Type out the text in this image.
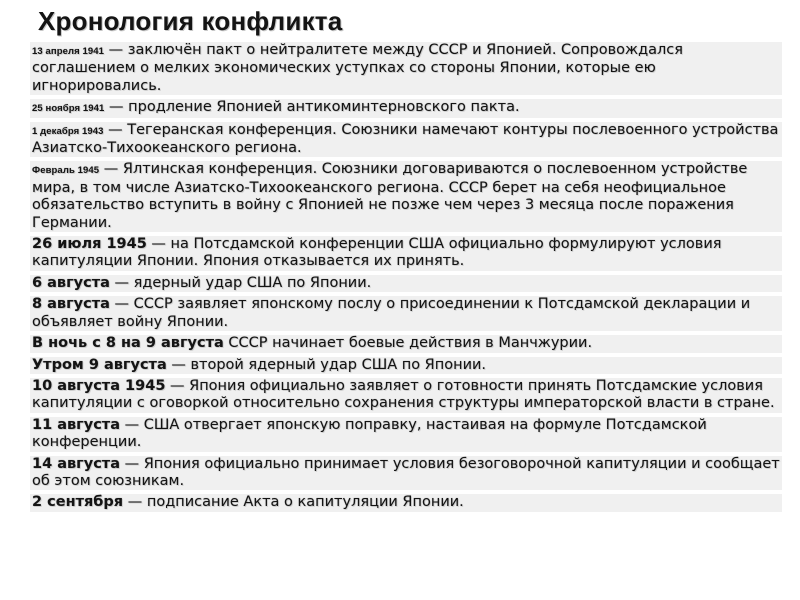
Хронология конфликта
13 апреля 1941 — заключён пакт о нейтралитете между СССР и Японией. Сопровождался соглашением о мелких экономических уступках со стороны Японии, которые ею игнорировались.
25 ноября 1941 — продление Японией антикоминтерновского пакта.
1 декабря 1943 — Тегеранская конференция. Союзники намечают контуры послевоенного устройства Азиатско-Тихоокеанского региона.
Февраль 1945 — Ялтинская конференция. Союзники договариваются о послевоенном устройстве мира, в том числе Азиатско-Тихоокеанского региона. СССР берет на себя неофициальное обязательство вступить в войну с Японией не позже чем через 3 месяца после поражения Германии.
26 июля 1945 — на Потсдамской конференции США официально формулируют условия капитуляции Японии. Япония отказывается их принять.
6 августа — ядерный удар США по Японии.
8 августа — СССР заявляет японскому послу о присоединении к Потсдамской декларации и объявляет войну Японии.
В ночь с 8 на 9 августа СССР начинает боевые действия в Манчжурии.
Утром 9 августа — второй ядерный удар США по Японии.
10 августа 1945 — Япония официально заявляет о готовности принять Потсдамские условия капитуляции с оговоркой относительно сохранения структуры императорской власти в стране.
11 августа — США отвергает японскую поправку, настаивая на формуле Потсдамской конференции.
14 августа — Япония официально принимает условия безоговорочной капитуляции и сообщает об этом союзникам.
2 сентября — подписание Акта о капитуляции Японии.
